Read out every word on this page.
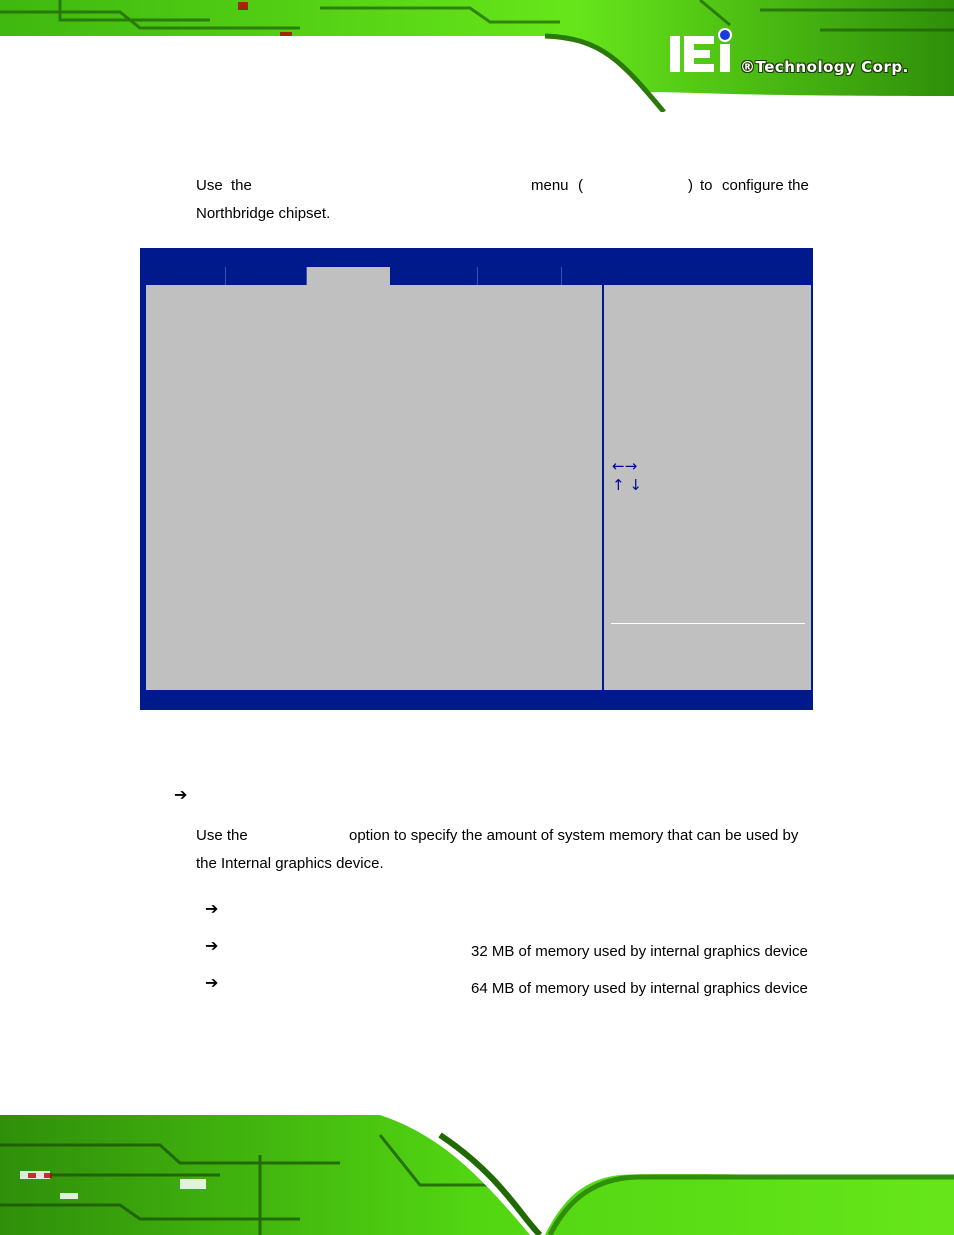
®Technology Corp.
Use the	menu (	) to configure the
Northbridge chipset.
←→
↑ ↓
➔
Use the	option to specify the amount of system memory that can be used by
the Internal graphics device.
➔
➔	32 MB of memory used by internal graphics device
➔	64 MB of memory used by internal graphics device
